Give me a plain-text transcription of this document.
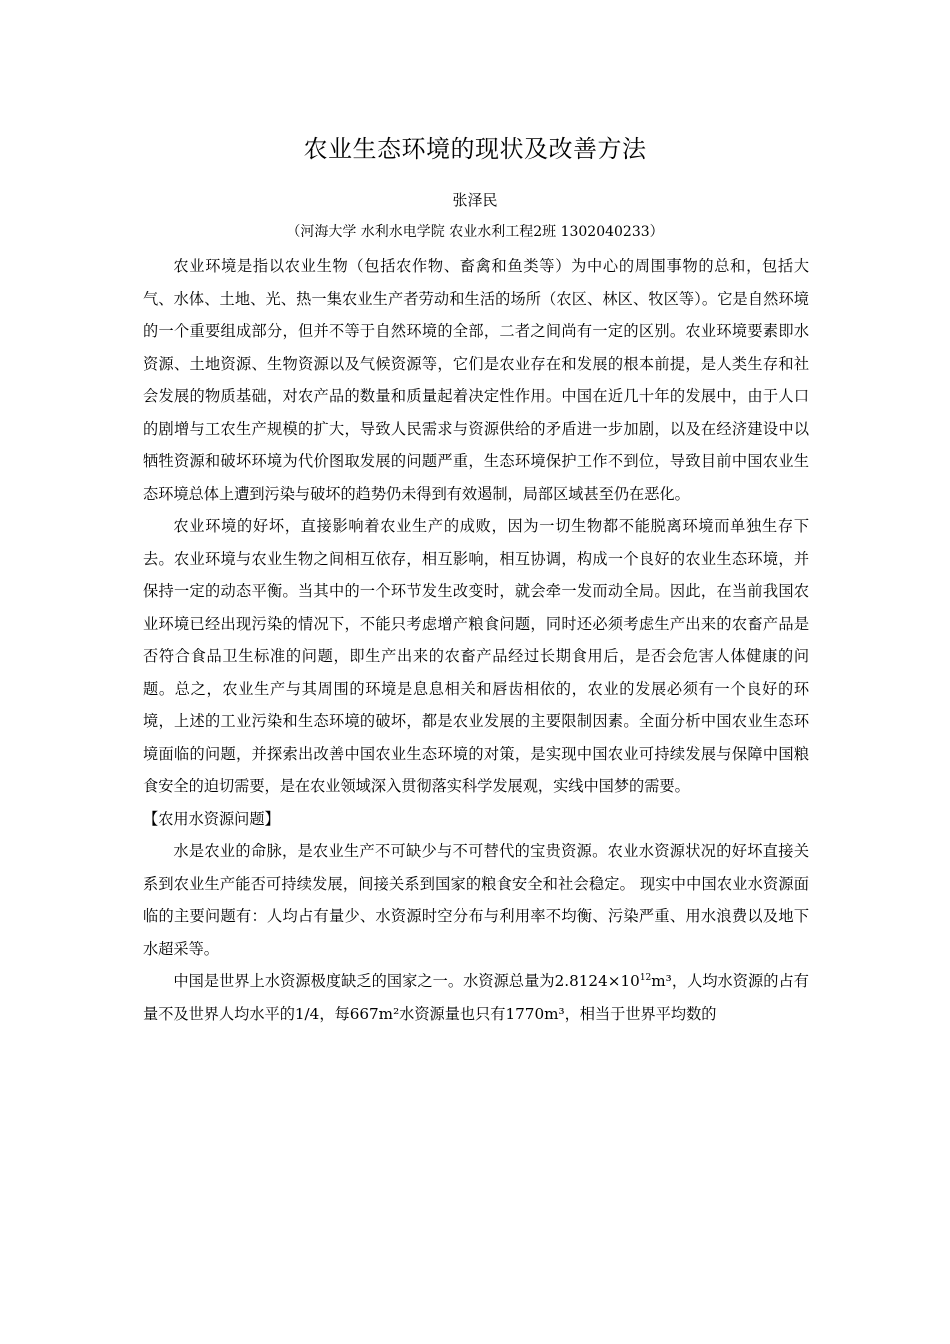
农业生态环境的现状及改善方法
张泽民
（河海大学 水利水电学院 农业水利工程2班 1302040233）

农业环境是指以农业生物（包括农作物、畜禽和鱼类等）为中心的周围事物的总和，包括大气、水体、土地、光、热一集农业生产者劳动和生活的场所（农区、林区、牧区等）。它是自然环境的一个重要组成部分，但并不等于自然环境的全部，二者之间尚有一定的区别。农业环境要素即水资源、土地资源、生物资源以及气候资源等，它们是农业存在和发展的根本前提，是人类生存和社会发展的物质基础，对农产品的数量和质量起着决定性作用。中国在近几十年的发展中，由于人口的剧增与工农生产规模的扩大，导致人民需求与资源供给的矛盾进一步加剧，以及在经济建设中以牺牲资源和破坏环境为代价图取发展的问题严重，生态环境保护工作不到位，导致目前中国农业生态环境总体上遭到污染与破坏的趋势仍未得到有效遏制，局部区域甚至仍在恶化。

农业环境的好坏，直接影响着农业生产的成败，因为一切生物都不能脱离环境而单独生存下去。农业环境与农业生物之间相互依存，相互影响，相互协调，构成一个良好的农业生态环境，并保持一定的动态平衡。当其中的一个环节发生改变时，就会牵一发而动全局。因此，在当前我国农业环境已经出现污染的情况下，不能只考虑增产粮食问题，同时还必须考虑生产出来的农畜产品是否符合食品卫生标准的问题，即生产出来的农畜产品经过长期食用后，是否会危害人体健康的问题。总之，农业生产与其周围的环境是息息相关和唇齿相依的，农业的发展必须有一个良好的环境，上述的工业污染和生态环境的破坏，都是农业发展的主要限制因素。全面分析中国农业生态环境面临的问题，并探索出改善中国农业生态环境的对策，是实现中国农业可持续发展与保障中国粮食安全的迫切需要，是在农业领域深入贯彻落实科学发展观，实线中国梦的需要。

【农用水资源问题】

水是农业的命脉，是农业生产不可缺少与不可替代的宝贵资源。农业水资源状况的好坏直接关系到农业生产能否可持续发展，间接关系到国家的粮食安全和社会稳定。 现实中中国农业水资源面临的主要问题有：人均占有量少、水资源时空分布与利用率不均衡、污染严重、用水浪费以及地下水超采等。

中国是世界上水资源极度缺乏的国家之一。水资源总量为$2.8124\times 10^{12}m^3$，人均水资源的占有量不及世界人均水平的1/4，每667m²水资源量也只有1770m³，相当于世界平均数的
